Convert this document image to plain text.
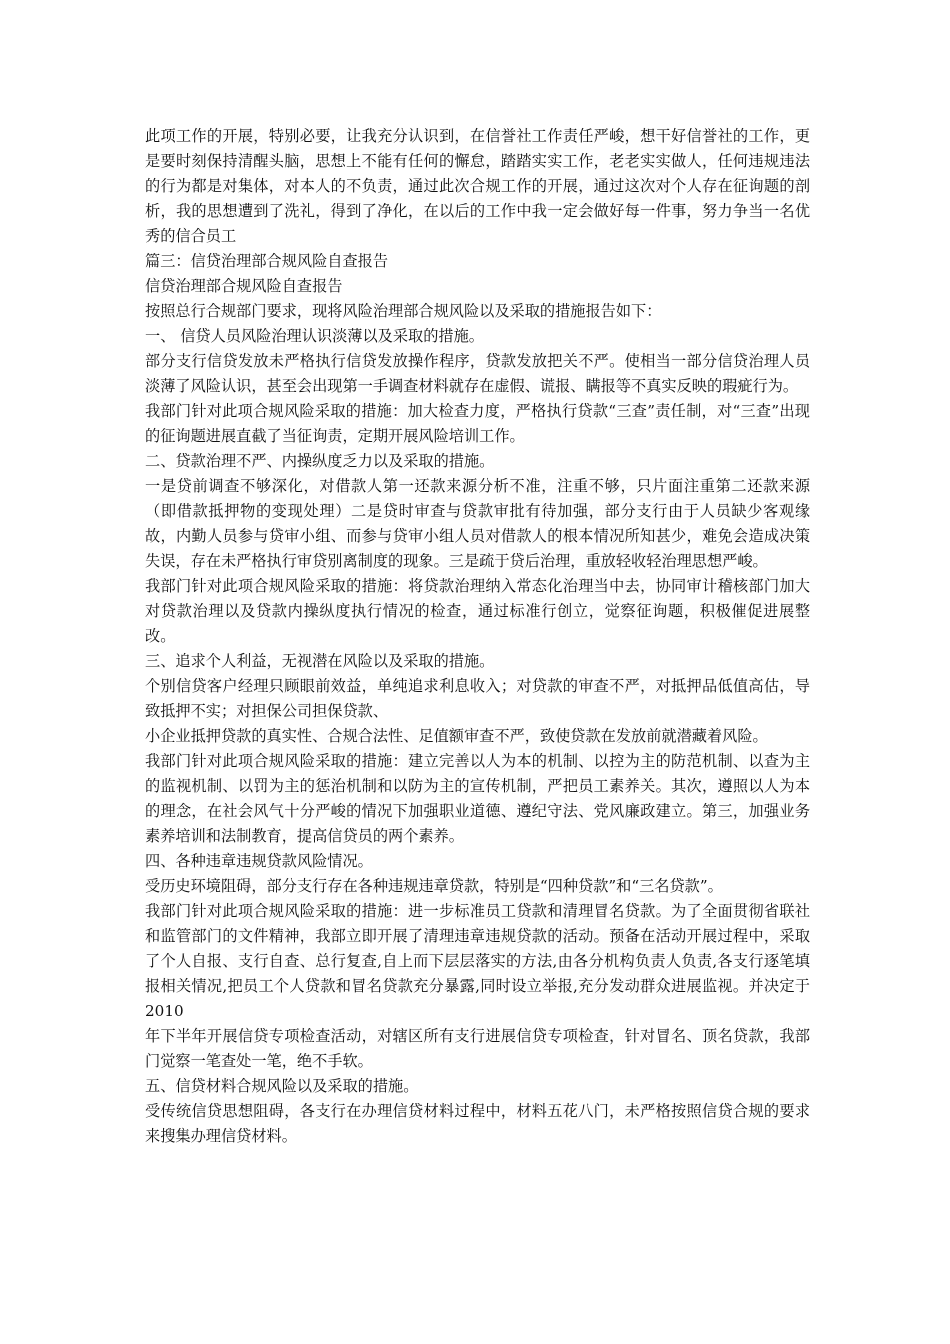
此项工作的开展，特别必要，让我充分认识到，在信誉社工作责任严峻，想干好信誉社的工作，更是要时刻保持清醒头脑，思想上不能有任何的懈怠，踏踏实实工作，老老实实做人，任何违规违法的行为都是对集体，对本人的不负责，通过此次合规工作的开展，通过这次对个人存在征询题的剖析，我的思想遭到了洗礼，得到了净化，在以后的工作中我一定会做好每一件事，努力争当一名优秀的信合员工

篇三：信贷治理部合规风险自查报告

信贷治理部合规风险自查报告

按照总行合规部门要求，现将风险治理部合规风险以及采取的措施报告如下：

一、 信贷人员风险治理认识淡薄以及采取的措施。

部分支行信贷发放未严格执行信贷发放操作程序，贷款发放把关不严。使相当一部分信贷治理人员淡薄了风险认识，甚至会出现第一手调查材料就存在虚假、谎报、瞒报等不真实反映的瑕疵行为。

我部门针对此项合规风险采取的措施：加大检查力度，严格执行贷款“三查”责任制，对“三查”出现的征询题进展直截了当征询责，定期开展风险培训工作。

二、贷款治理不严、内操纵度乏力以及采取的措施。

一是贷前调查不够深化，对借款人第一还款来源分析不准，注重不够，只片面注重第二还款来源（即借款抵押物的变现处理）二是贷时审查与贷款审批有待加强，部分支行由于人员缺少客观缘故，内勤人员参与贷审小组、而参与贷审小组人员对借款人的根本情况所知甚少，难免会造成决策失误，存在未严格执行审贷别离制度的现象。三是疏于贷后治理，重放轻收轻治理思想严峻。

我部门针对此项合规风险采取的措施：将贷款治理纳入常态化治理当中去，协同审计稽核部门加大对贷款治理以及贷款内操纵度执行情况的检查，通过标准行创立，觉察征询题，积极催促进展整改。

三、追求个人利益，无视潜在风险以及采取的措施。

个别信贷客户经理只顾眼前效益，单纯追求利息收入；对贷款的审查不严，对抵押品低值高估，导致抵押不实；对担保公司担保贷款、

小企业抵押贷款的真实性、合规合法性、足值额审查不严，致使贷款在发放前就潜藏着风险。

我部门针对此项合规风险采取的措施：建立完善以人为本的机制、以控为主的防范机制、以查为主的监视机制、以罚为主的惩治机制和以防为主的宣传机制，严把员工素养关。其次，遵照以人为本的理念，在社会风气十分严峻的情况下加强职业道德、遵纪守法、党风廉政建立。第三，加强业务素养培训和法制教育，提高信贷员的两个素养。

四、各种违章违规贷款风险情况。

受历史环境阻碍，部分支行存在各种违规违章贷款，特别是“四种贷款”和“三名贷款”。

我部门针对此项合规风险采取的措施：进一步标准员工贷款和清理冒名贷款。为了全面贯彻省联社和监管部门的文件精神，我部立即开展了清理违章违规贷款的活动。预备在活动开展过程中，采取了个人自报、支行自查、总行复查,自上而下层层落实的方法,由各分机构负责人负责,各支行逐笔填报相关情况,把员工个人贷款和冒名贷款充分暴露,同时设立举报,充分发动群众进展监视。并决定于 2010

年下半年开展信贷专项检查活动，对辖区所有支行进展信贷专项检查，针对冒名、顶名贷款，我部门觉察一笔查处一笔，绝不手软。

五、信贷材料合规风险以及采取的措施。

受传统信贷思想阻碍，各支行在办理信贷材料过程中，材料五花八门，未严格按照信贷合规的要求来搜集办理信贷材料。
